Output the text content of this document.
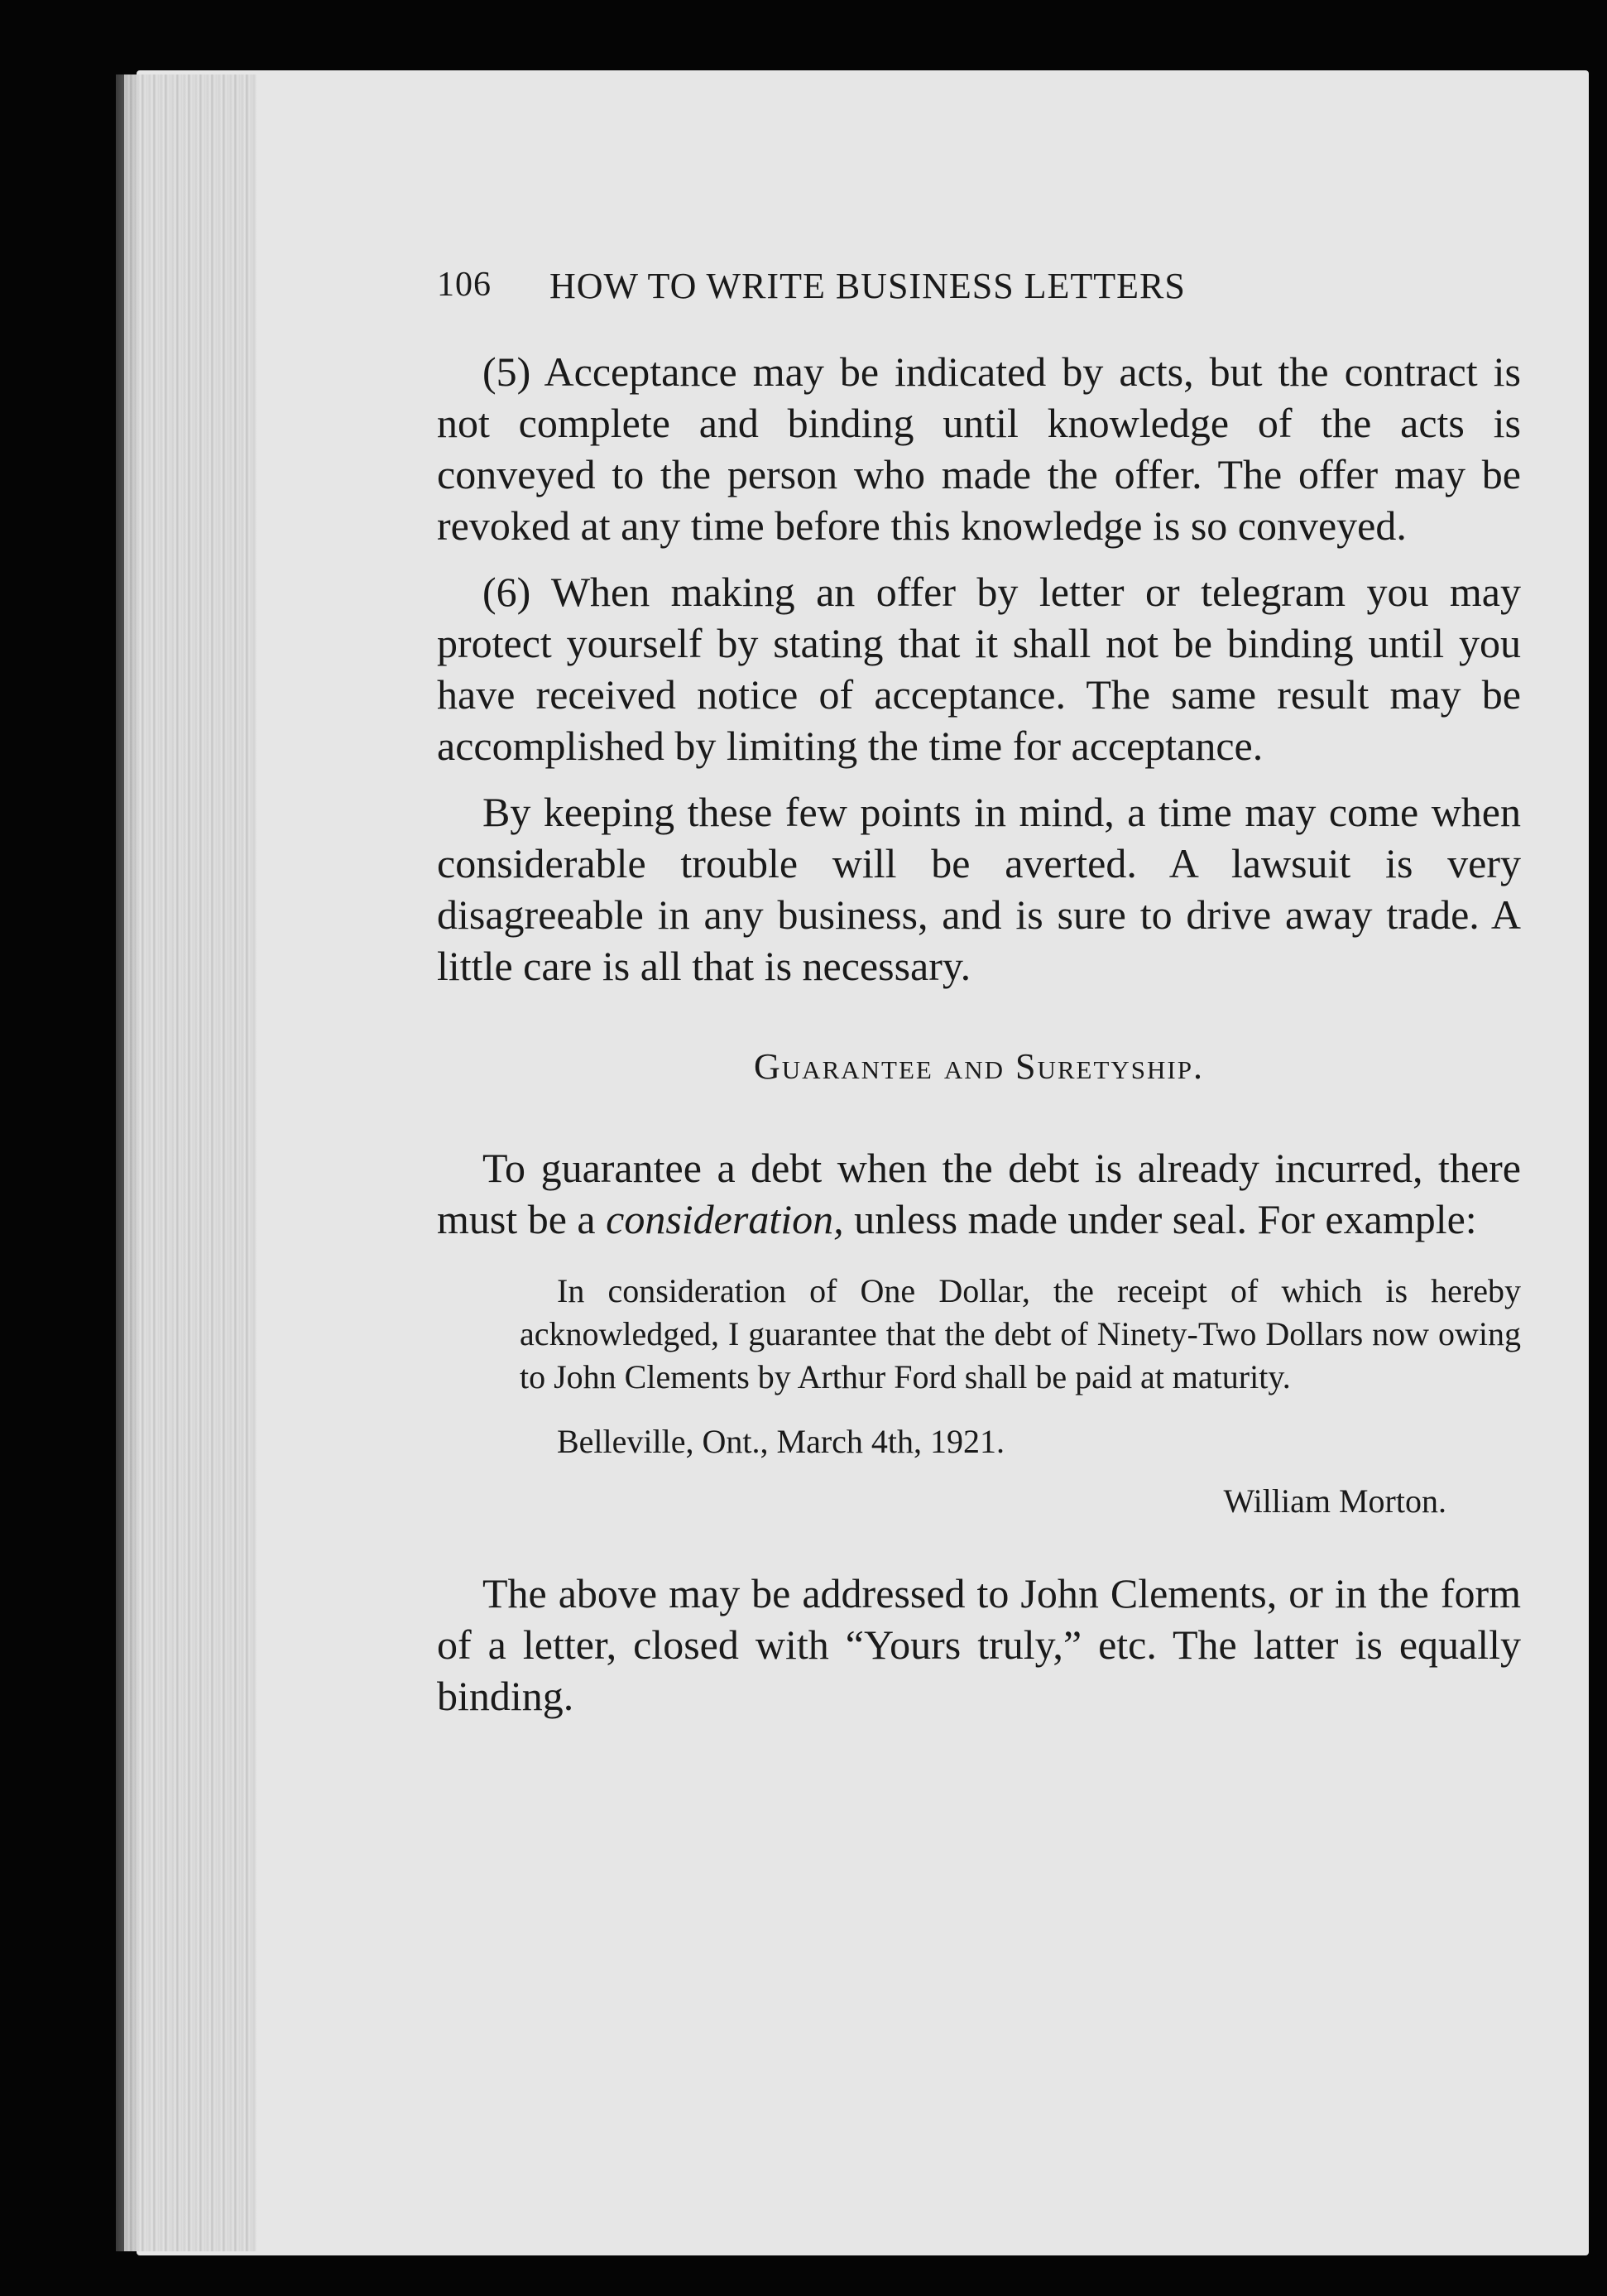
106 HOW TO WRITE BUSINESS LETTERS

(5) Acceptance may be indicated by acts, but the contract is not complete and binding until knowledge of the acts is conveyed to the person who made the offer. The offer may be revoked at any time before this knowledge is so conveyed.

(6) When making an offer by letter or telegram you may protect yourself by stating that it shall not be binding until you have received notice of acceptance. The same result may be accomplished by limiting the time for acceptance.

By keeping these few points in mind, a time may come when considerable trouble will be averted. A lawsuit is very disagreeable in any business, and is sure to drive away trade. A little care is all that is necessary.

Guarantee and Suretyship.

To guarantee a debt when the debt is already incurred, there must be a consideration, unless made under seal. For example:

In consideration of One Dollar, the receipt of which is hereby acknowledged, I guarantee that the debt of Ninety-Two Dollars now owing to John Clements by Arthur Ford shall be paid at maturity.

Belleville, Ont., March 4th, 1921.
William Morton.

The above may be addressed to John Clements, or in the form of a letter, closed with “Yours truly,” etc. The latter is equally binding.
